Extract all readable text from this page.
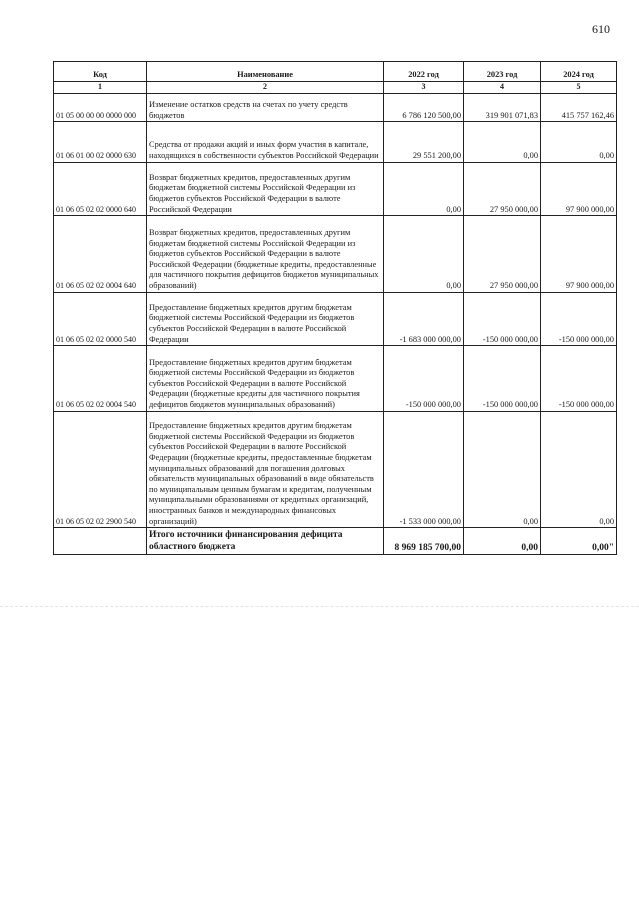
610
Код	Наименование	2022 год	2023 год	2024 год
1	2	3	4	5

01 05 00 00 00 0000 000	Изменение остатков средств на счетах по учету средств бюджетов	6 786 120 500,00	319 901 071,83	415 757 162,46

01 06 01 00 02 0000 630	Средства от продажи акций и иных форм участия в капитале, находящихся в собственности субъектов Российской Федерации	29 551 200,00	0,00	0,00

01 06 05 02 02 0000 640	Возврат бюджетных кредитов, предоставленных другим бюджетам бюджетной системы Российской Федерации из бюджетов субъектов Российской Федерации в валюте Российской Федерации	0,00	27 950 000,00	97 900 000,00

01 06 05 02 02 0004 640	Возврат бюджетных кредитов, предоставленных другим бюджетам бюджетной системы Российской Федерации из бюджетов субъектов Российской Федерации в валюте Российской Федерации (бюджетные кредиты, предоставленные для частичного покрытия дефицитов бюджетов муниципальных образований)	0,00	27 950 000,00	97 900 000,00

01 06 05 02 02 0000 540	Предоставление бюджетных кредитов другим бюджетам бюджетной системы Российской Федерации из бюджетов субъектов Российской Федерации в валюте Российской Федерации	-1 683 000 000,00	-150 000 000,00	-150 000 000,00

01 06 05 02 02 0004 540	Предоставление бюджетных кредитов другим бюджетам бюджетной системы Российской Федерации из бюджетов субъектов Российской Федерации в валюте Российской Федерации (бюджетные кредиты для частичного покрытия дефицитов бюджетов муниципальных образований)	-150 000 000,00	-150 000 000,00	-150 000 000,00

01 06 05 02 02 2900 540	Предоставление бюджетных кредитов другим бюджетам бюджетной системы Российской Федерации из бюджетов субъектов Российской Федерации в валюте Российской Федерации (бюджетные кредиты, предоставленные бюджетам муниципальных образований для погашения долговых обязательств муниципальных образований в виде обязательств по муниципальным ценным бумагам и кредитам, полученным муниципальными образованиями от кредитных организаций, иностранных банков и международных финансовых организаций)	-1 533 000 000,00	0,00	0,00
	Итого источники финансирования дефицита областного бюджета	8 969 185 700,00	0,00	0,00"
